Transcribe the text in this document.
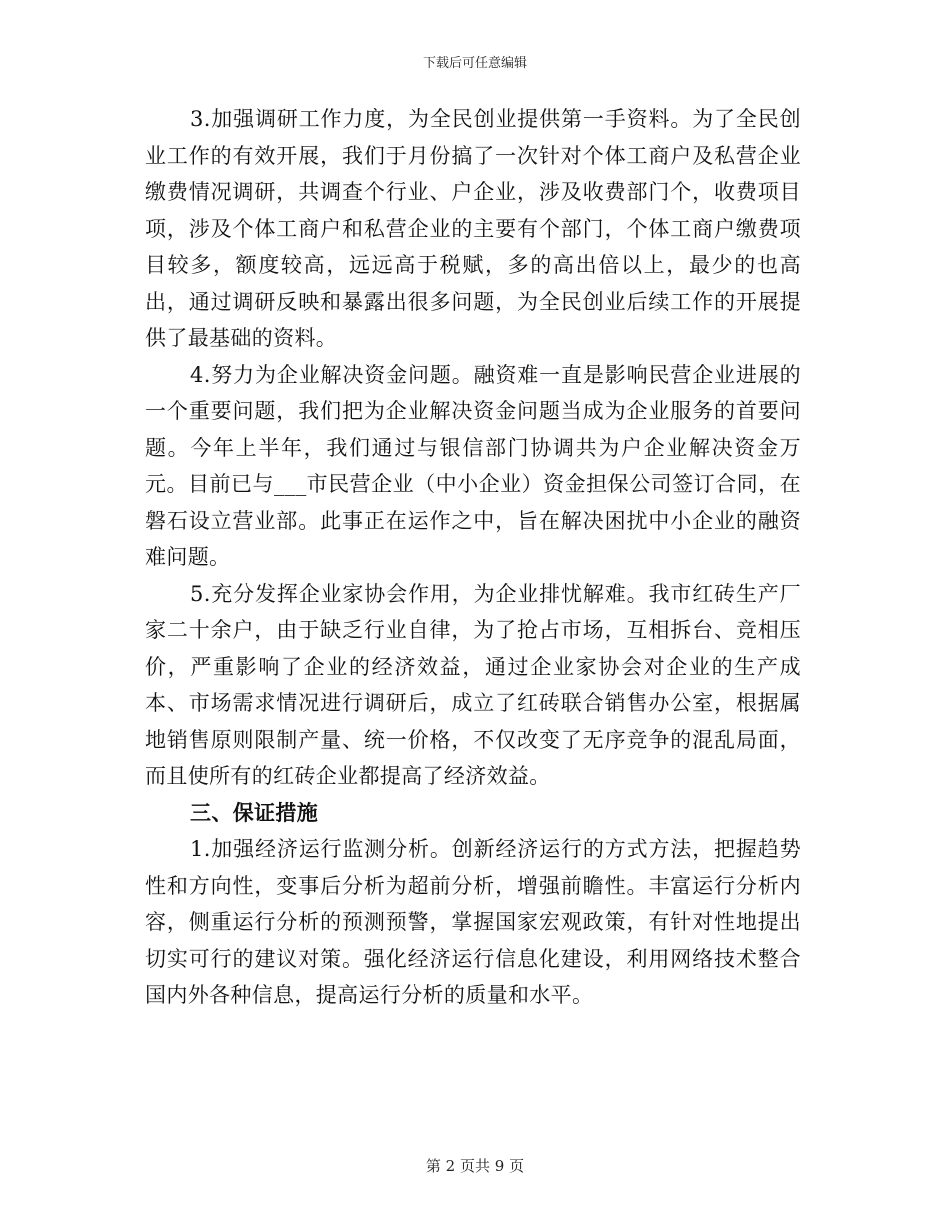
下载后可任意编辑

3.加强调研工作力度，为全民创业提供第一手资料。为了全民创业工作的有效开展，我们于月份搞了一次针对个体工商户及私营企业缴费情况调研，共调查个行业、户企业，涉及收费部门个，收费项目项，涉及个体工商户和私营企业的主要有个部门，个体工商户缴费项目较多，额度较高，远远高于税赋，多的高出倍以上，最少的也高出，通过调研反映和暴露出很多问题，为全民创业后续工作的开展提供了最基础的资料。

4.努力为企业解决资金问题。融资难一直是影响民营企业进展的一个重要问题，我们把为企业解决资金问题当成为企业服务的首要问题。今年上半年，我们通过与银信部门协调共为户企业解决资金万元。目前已与___市民营企业（中小企业）资金担保公司签订合同，在磐石设立营业部。此事正在运作之中，旨在解决困扰中小企业的融资难问题。

5.充分发挥企业家协会作用，为企业排忧解难。我市红砖生产厂家二十余户，由于缺乏行业自律，为了抢占市场，互相拆台、竞相压价，严重影响了企业的经济效益，通过企业家协会对企业的生产成本、市场需求情况进行调研后，成立了红砖联合销售办公室，根据属地销售原则限制产量、统一价格，不仅改变了无序竞争的混乱局面，而且使所有的红砖企业都提高了经济效益。

三、保证措施

1.加强经济运行监测分析。创新经济运行的方式方法，把握趋势性和方向性，变事后分析为超前分析，增强前瞻性。丰富运行分析内容，侧重运行分析的预测预警，掌握国家宏观政策，有针对性地提出切实可行的建议对策。强化经济运行信息化建设，利用网络技术整合国内外各种信息，提高运行分析的质量和水平。

第 2 页共 9 页
